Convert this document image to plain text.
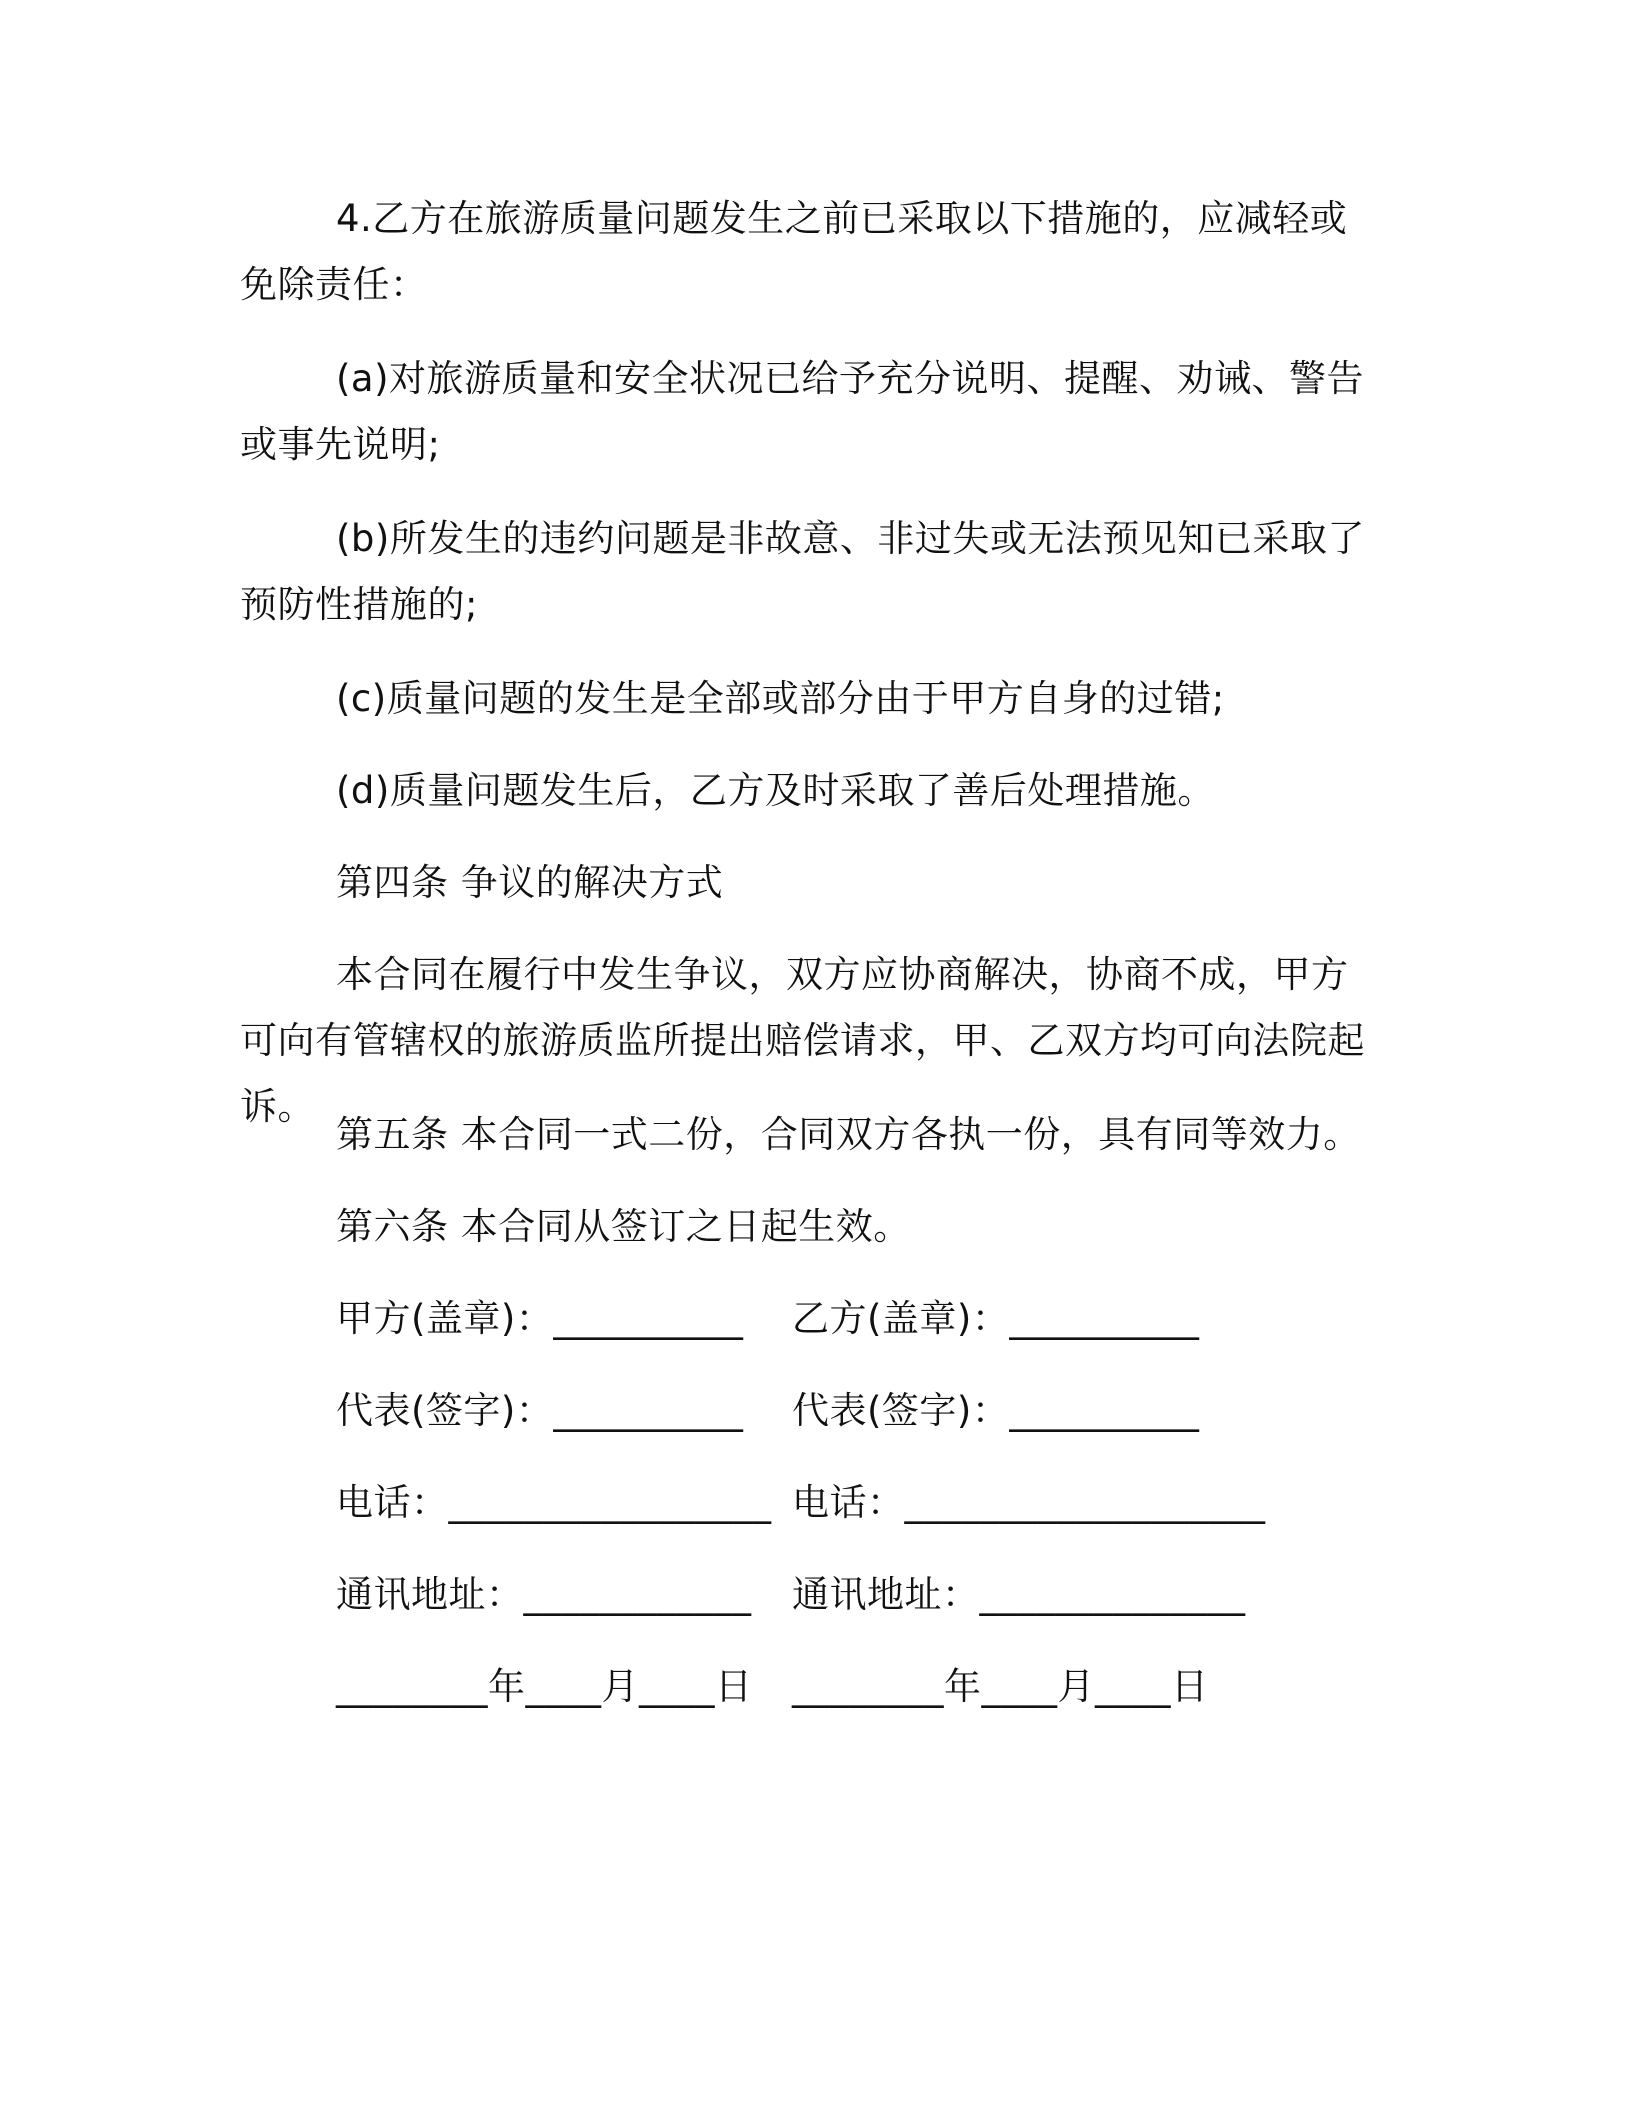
4.乙方在旅游质量问题发生之前已采取以下措施的，应减轻或免除责任：

(a)对旅游质量和安全状况已给予充分说明、提醒、劝诫、警告或事先说明;

(b)所发生的违约问题是非故意、非过失或无法预见知已采取了预防性措施的;

(c)质量问题的发生是全部或部分由于甲方自身的过错;

(d)质量问题发生后，乙方及时采取了善后处理措施。

第四条 争议的解决方式

本合同在履行中发生争议，双方应协商解决，协商不成，甲方可向有管辖权的旅游质监所提出赔偿请求，甲、乙双方均可向法院起诉。

第五条 本合同一式二份，合同双方各执一份，具有同等效力。

第六条 本合同从签订之日起生效。

甲方(盖章)：__________ 乙方(盖章)：__________

代表(签字)：__________ 代表(签字)：__________

电话：_________________ 电话：___________________

通讯地址：____________ 通讯地址：______________

________年____月____日 ________年____月____日
